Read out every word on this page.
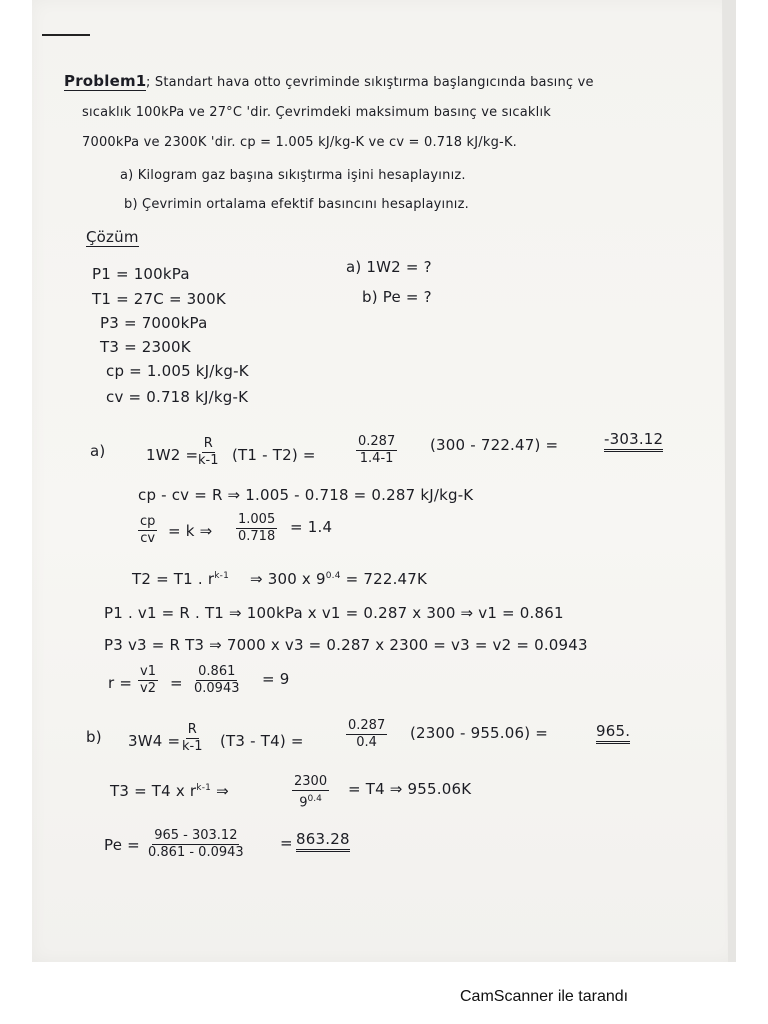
Problem1 ; Standart hava otto çevriminde sıkıştırma başlangıcında basınç ve
sıcaklık 100kPa ve 27°C 'dir. Çevrimdeki maksimum basınç ve sıcaklık
7000kPa ve 2300K 'dir. cp = 1.005 kJ/kg-K ve cv = 0.718 kJ/kg-K.
a) Kilogram gaz başına sıkıştırma işini hesaplayınız.
b) Çevrimin ortalama efektif basıncını hesaplayınız.
Çözüm
P1 = 100kPa
T1 = 27C = 300K
P3 = 7000kPa
T3 = 2300K
cp = 1.005 kJ/kg-K
cv = 0.718 kJ/kg-K
a) 1W2 = ?
b) Pe = ?
a)	1W2 =
$\frac{R}{k-1} (T1 - T2)$ =	$\frac{0.287}{1.4-1} (300 - 722.47)$ =	-303.12
cp - cv = R ⇒ 1.005 - 0.718 = 0.287 kJ/kg-K
$\frac{cp}{cv} = k$ ⇒ $\frac{1.005}{0.718} = 1.4$
T2 = T1 . $r^{k-1}$ ⇒ 300 x $9^{0.4} = 722.47K$
P1 . v1 = R . T1 ⇒ 100kPa x v1 = 0.287 x 300 ⇒ v1 = 0.861
P3 v3 = R T3 ⇒ 7000 x v3 = 0.287 x 2300 = v3 = v2 = 0.0943
$r = \frac{v1}{v2} = \frac{0.861}{0.0943} = 9$
b) $3W4 = \frac{R}{k-1} (T3 - T4)$ =	$\frac{0.287}{0.4} (2300 - 955.06)$ =	965.
T3 = T4 x $r^{k-1}$ ⇒	$\frac{2300}{9^{0.4}} = T4$ ⇒ 955.06K
$Pe = \frac{965 - 303.12}{0.861 - 0.0943} = 863.28$
CamScanner ile tarandı
